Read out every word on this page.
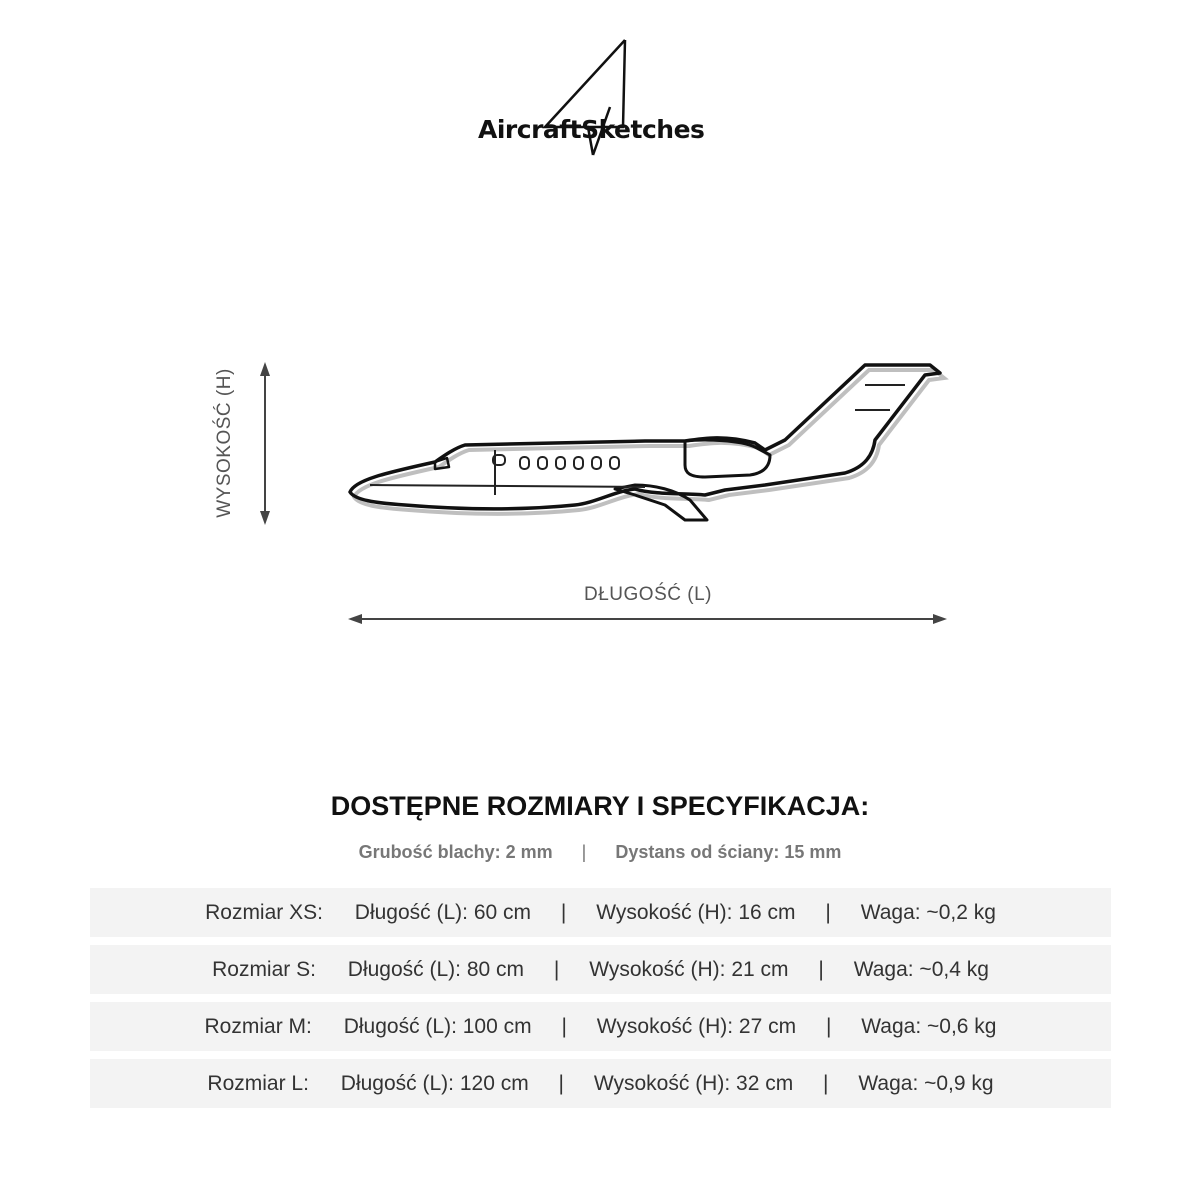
AircraftSketches
WYSOKOŚĆ (H)
DŁUGOŚĆ (L)
DOSTĘPNE ROZMIARY I SPECYFIKACJA:
Grubość blachy: 2 mm | Dystans od ściany: 15 mm
Rozmiar XS: Długość (L): 60 cm | Wysokość (H): 16 cm | Waga: ~0,2 kg
Rozmiar S: Długość (L): 80 cm | Wysokość (H): 21 cm | Waga: ~0,4 kg
Rozmiar M: Długość (L): 100 cm | Wysokość (H): 27 cm | Waga: ~0,6 kg
Rozmiar L: Długość (L): 120 cm | Wysokość (H): 32 cm | Waga: ~0,9 kg
